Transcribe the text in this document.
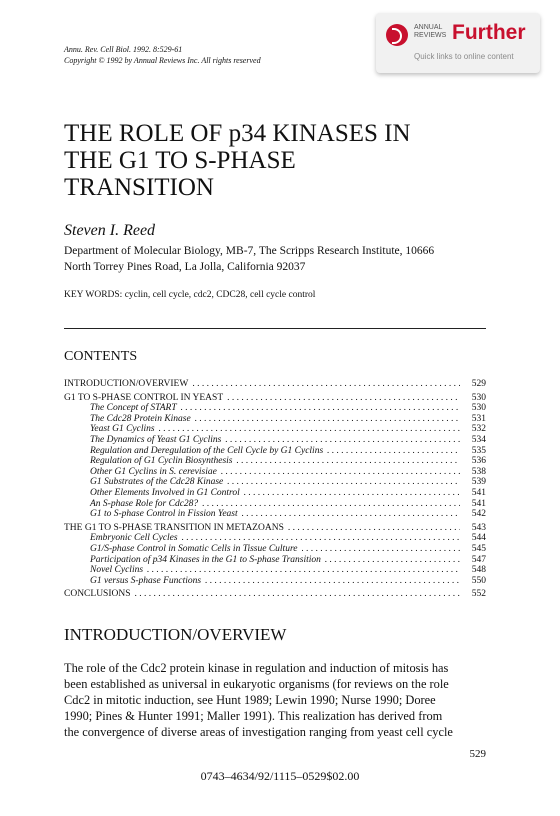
Annu. Rev. Cell Biol. 1992. 8:529-61
Copyright © 1992 by Annual Reviews Inc. All rights reserved
ANNUAL
REVIEWS Further
Quick links to online content
THE ROLE OF p34 KINASES IN
THE G1 TO S-PHASE
TRANSITION
Steven I. Reed
Department of Molecular Biology, MB-7, The Scripps Research Institute, 10666
North Torrey Pines Road, La Jolla, California 92037
KEY WORDS: cyclin, cell cycle, cdc2, CDC28, cell cycle control
CONTENTS
INTRODUCTION/OVERVIEW . . .	529
G1 TO S-PHASE CONTROL IN YEAST . . .	530
The Concept of START . . .	530
The Cdc28 Protein Kinase . . .	531
Yeast G1 Cyclins . . .	532
The Dynamics of Yeast G1 Cyclins . . .	534
Regulation and Deregulation of the Cell Cycle by G1 Cyclins . . .	535
Regulation of G1 Cyclin Biosynthesis . . .	536
Other G1 Cyclins in S. cerevisiae . . .	538
G1 Substrates of the Cdc28 Kinase . . .	539
Other Elements Involved in G1 Control . . .	541
An S-phase Role for Cdc28? . . .	541
G1 to S-phase Control in Fission Yeast . . .	542
THE G1 TO S-PHASE TRANSITION IN METAZOANS . . .	543
Embryonic Cell Cycles . . .	544
G1/S-phase Control in Somatic Cells in Tissue Culture . . .	545
Participation of p34 Kinases in the G1 to S-phase Transition . . .	547
Novel Cyclins . . .	548
G1 versus S-phase Functions . . .	550
CONCLUSIONS . . .	552
INTRODUCTION/OVERVIEW

The role of the Cdc2 protein kinase in regulation and induction of mitosis has

been established as universal in eukaryotic organisms (for reviews on the role

Cdc2 in mitotic induction, see Hunt 1989; Lewin 1990; Nurse 1990; Doree

1990; Pines & Hunter 1991; Maller 1991). This realization has derived from

the convergence of diverse areas of investigation ranging from yeast cell cycle

529
0743–4634/92/1115–0529$02.00
